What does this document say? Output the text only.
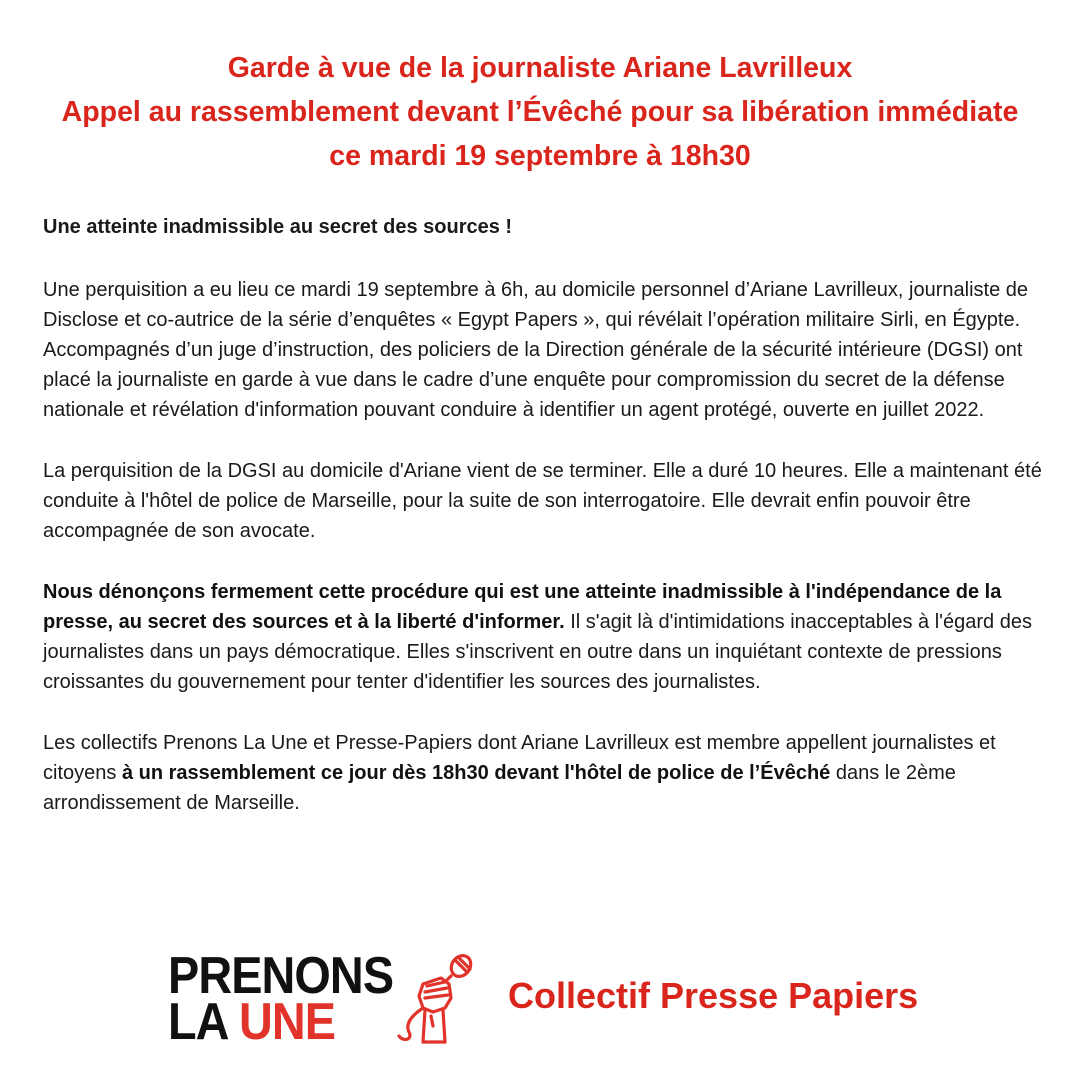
Garde à vue de la journaliste Ariane Lavrilleux
Appel au rassemblement devant l’Évêché pour sa libération immédiate
ce mardi 19 septembre à 18h30

Une atteinte inadmissible au secret des sources !

Une perquisition a eu lieu ce mardi 19 septembre à 6h, au domicile personnel d’Ariane Lavrilleux, journaliste de Disclose et co-autrice de la série d’enquêtes « Egypt Papers », qui révélait l’opération militaire Sirli, en Égypte. Accompagnés d’un juge d’instruction, des policiers de la Direction générale de la sécurité intérieure (DGSI) ont placé la journaliste en garde à vue dans le cadre d’une enquête pour compromission du secret de la défense nationale et révélation d'information pouvant conduire à identifier un agent protégé, ouverte en juillet 2022.

La perquisition de la DGSI au domicile d'Ariane vient de se terminer. Elle a duré 10 heures. Elle a maintenant été conduite à l'hôtel de police de Marseille, pour la suite de son interrogatoire. Elle devrait enfin pouvoir être accompagnée de son avocate.

Nous dénonçons fermement cette procédure qui est une atteinte inadmissible à l'indépendance de la presse, au secret des sources et à la liberté d'informer. Il s'agit là d'intimidations inacceptables à l'égard des journalistes dans un pays démocratique. Elles s'inscrivent en outre dans un inquiétant contexte de pressions croissantes du gouvernement pour tenter d'identifier les sources des journalistes.

Les collectifs Prenons La Une et Presse-Papiers dont Ariane Lavrilleux est membre appellent journalistes et citoyens à un rassemblement ce jour dès 18h30 devant l'hôtel de police de l’Évêché dans le 2ème arrondissement de Marseille.

PRENONS
LA UNE	Collectif Presse Papiers
